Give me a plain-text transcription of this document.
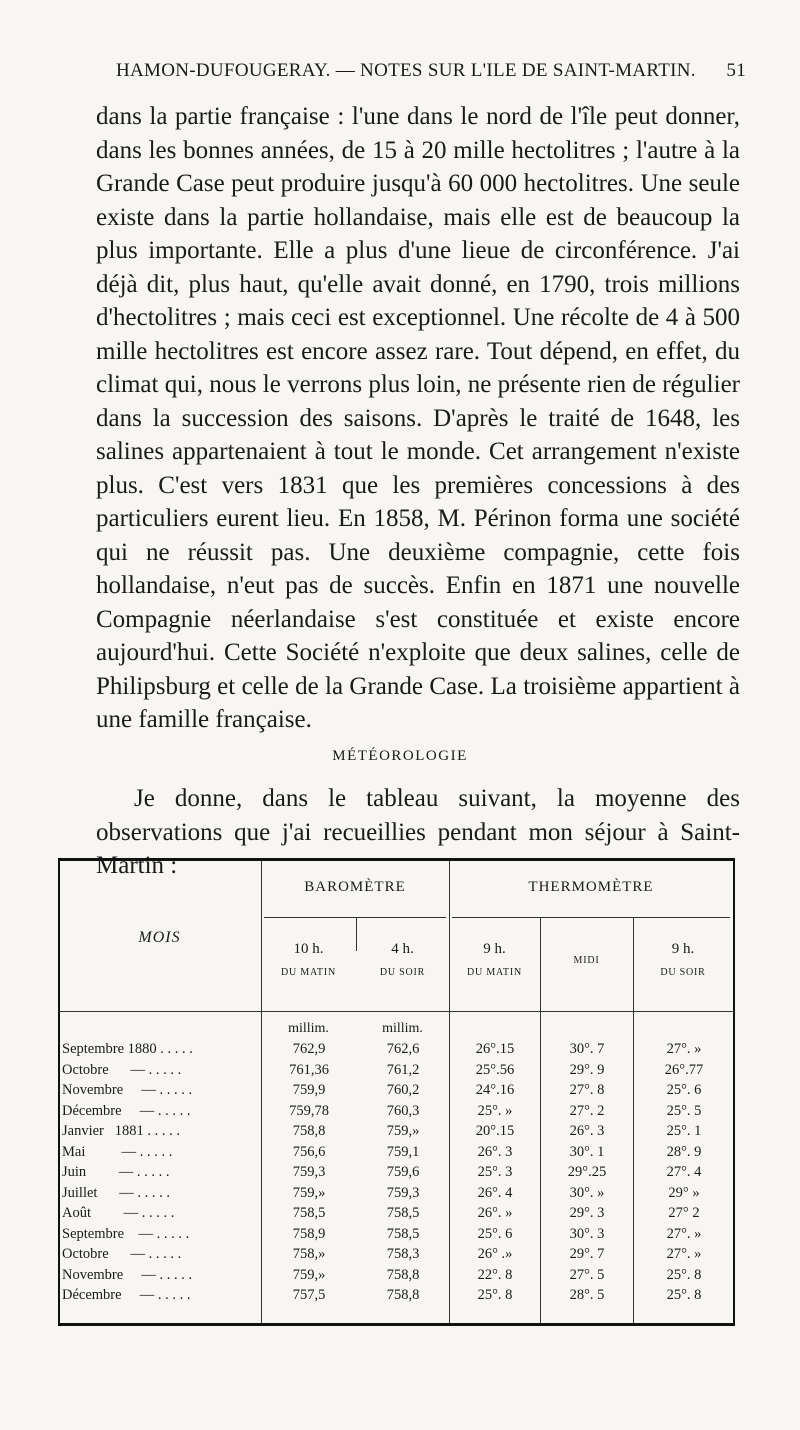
HAMON-DUFOUGERAY. — NOTES SUR L'ILE DE SAINT-MARTIN. 51

dans la partie française : l'une dans le nord de l'île peut donner, dans les bonnes années, de 15 à 20 mille hectolitres ; l'autre à la Grande Case peut produire jusqu'à 60 000 hectolitres. Une seule existe dans la partie hollandaise, mais elle est de beaucoup la plus importante. Elle a plus d'une lieue de circonférence. J'ai déjà dit, plus haut, qu'elle avait donné, en 1790, trois millions d'hectolitres ; mais ceci est exceptionnel. Une récolte de 4 à 500 mille hectolitres est encore assez rare. Tout dépend, en effet, du climat qui, nous le verrons plus loin, ne présente rien de régulier dans la succession des saisons. D'après le traité de 1648, les salines appartenaient à tout le monde. Cet arrangement n'existe plus. C'est vers 1831 que les premières concessions à des particuliers eurent lieu. En 1858, M. Périnon forma une société qui ne réussit pas. Une deuxième compagnie, cette fois hollandaise, n'eut pas de succès. Enfin en 1871 une nouvelle Compagnie néerlandaise s'est constituée et existe encore aujourd'hui. Cette Société n'exploite que deux salines, celle de Philipsburg et celle de la Grande Case. La troisième appartient à une famille française.

MÉTÉOROLOGIE

Je donne, dans le tableau suivant, la moyenne des observations que j'ai recueillies pendant mon séjour à Saint-Martin :

MOIS
BAROMÈTRE	THERMOMÈTRE
10 h.
DU MATIN
4 h.
DU SOIR
9 h.
DU MATIN
MIDI
9 h.
DU SOIR
millim.	millim.
Septembre 1880 . . . . .	762,9	762,6	26°.15	30°. 7	27°. »
Octobre      — . . . . .	761,36	761,2	25°.56	29°. 9	26°.77
Novembre     — . . . . .	759,9	760,2	24°.16	27°. 8	25°. 6
Décembre     — . . . . .	759,78	760,3	25°. »	27°. 2	25°. 5
Janvier   1881 . . . . .	758,8	759,»	20°.15	26°. 3	25°. 1
Mai          — . . . . .	756,6	759,1	26°. 3	30°. 1	28°. 9
Juin         — . . . . .	759,3	759,6	25°. 3	29°.25	27°. 4
Juillet      — . . . . .	759,»	759,3	26°. 4	30°. »	29° »
Août         — . . . . .	758,5	758,5	26°. »	29°. 3	27° 2
Septembre    — . . . . .	758,9	758,5	25°. 6	30°. 3	27°. »
Octobre      — . . . . .	758,»	758,3	26° .»	29°. 7	27°. »
Novembre     — . . . . .	759,»	758,8	22°. 8	27°. 5	25°. 8
Décembre     — . . . . .	757,5	758,8	25°. 8	28°. 5	25°. 8
